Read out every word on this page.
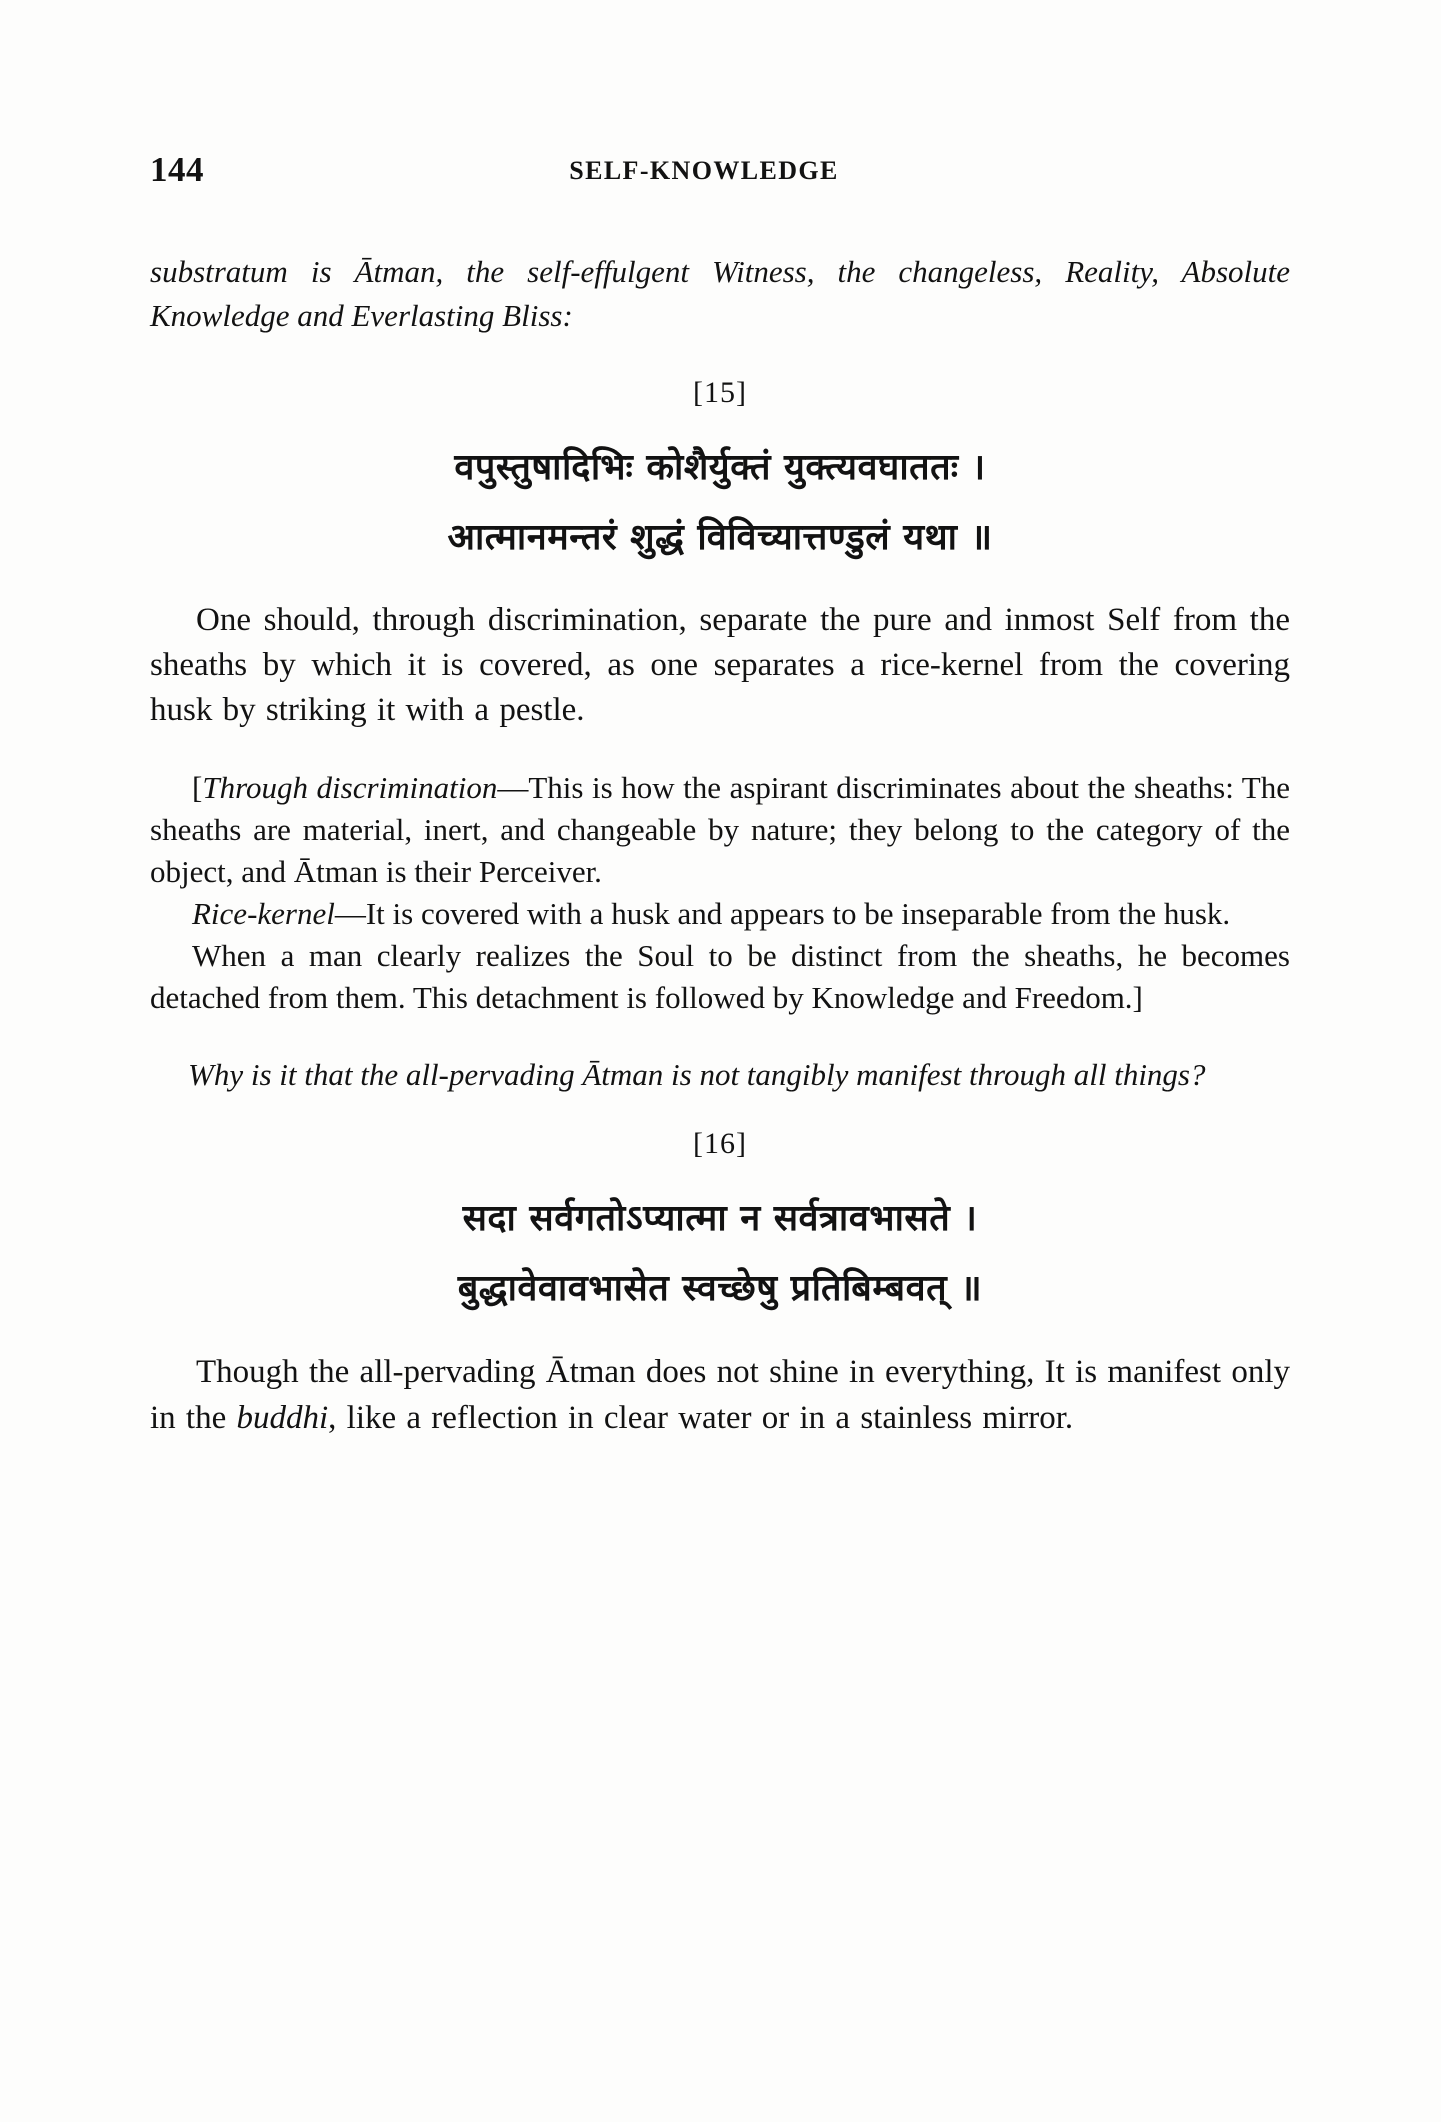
144	SELF-KNOWLEDGE

substratum is Ātman, the self-effulgent Witness, the changeless, Reality, Absolute Knowledge and Everlasting Bliss:

[15]
वपुस्तुषादिभिः कोशैर्युक्तं युक्त्यवघाततः ।
आत्मानमन्तरं शुद्धं विविच्यात्तण्डुलं यथा ॥

One should, through discrimination, separate the pure and inmost Self from the sheaths by which it is covered, as one separates a rice-kernel from the covering husk by striking it with a pestle.

[Through discrimination—This is how the aspirant discriminates about the sheaths: The sheaths are material, inert, and changeable by nature; they belong to the category of the object, and Ātman is their Perceiver.

Rice-kernel—It is covered with a husk and appears to be inseparable from the husk.

When a man clearly realizes the Soul to be distinct from the sheaths, he becomes detached from them. This detachment is followed by Knowledge and Freedom.]

Why is it that the all-pervading Ātman is not tangibly manifest through all things?

[16]
सदा सर्वगतोऽप्यात्मा न सर्वत्रावभासते ।
बुद्धावेवावभासेत स्वच्छेषु प्रतिबिम्बवत् ॥

Though the all-pervading Ātman does not shine in everything, It is manifest only in the buddhi, like a reflection in clear water or in a stainless mirror.
